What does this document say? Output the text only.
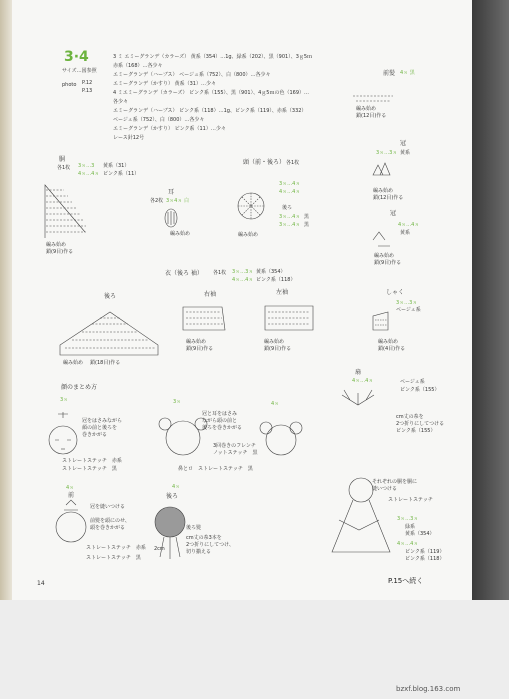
3·4
サイズ…図参照
photo P.12
P.13
3 ミ エミーグランデ（カラーズ） 黄系（354）…1g、緑系（202）、黒（901）、3ｇ5ｍ
赤系（168）…各少々
エミーグランデ（ハーブス） ベージュ系（752）、白（800）…各少々
エミーグランデ（かすり） 黄系（31）…少々
4 ミエミーグランデ（カラーズ） ピンク系（155）、黒（901）、4ｇ5ｍの色（169）…
各少々
エミーグランデ（ハーブス） ピンク系（118）…1g、ピンク系（119）、赤系（332）
ベージュ系（752）、白（800）…各少々
エミーグランデ（かすり） ピンク系（11）…少々
レース針12号
胴
各1枚 3ｓ…3 黄系（31）
4ｓ…4ｓ ピンク系（11）
編み始め
鎖(9目)作る
耳
各2枚 3ｓ4ｓ 白
編み始め
頭（前・後ろ） 各1枚
3ｓ…4ｓ
4ｓ…4ｓ
後ろ
3ｓ…4ｓ 黒
3ｓ…4ｓ 黒
編み始め
前髪 4ｓ 黒
編み始め
鎖(12目)作る
冠
3ｓ…3ｓ 黄系
編み始め
鎖(12目)作る
冠
4ｓ…4ｓ
黄系
編み始め
鎖(9目)作る
衣（後ろ 袖） 各1枚 3ｓ…3ｓ 黄系（354）
4ｓ…4ｓ ピンク系（118）
後ろ
編み始め 鎖(18目)作る
右袖
編み始め
鎖(9目)作る
左袖
編み始め
鎖(9目)作る
しゃく
3ｓ…3ｓ
ベージュ系
編み始め
鎖(4目)作る
扇
4ｓ…4ｓ	ベージュ系
ピンク系（155）
cm丈の糸を
2つ折りにしてつける
ピンク系（155）
顔のまとめ方
3ｓ
冠をはさみながら
顔の前と後ろを
巻きかがる
ストレートステッチ　赤系
ストレートステッチ　黒
3ｓ	4ｓ
冠と耳をはさみ
ながら頭の前と
後ろを巻きかがる
3回巻きのフレンチ
ノットステッチ　黒
鼻とロ　ストレートステッチ　黒
前
4ｓ
冠を縫いつける
前髪を頭にのせ、
頭を巻きかがる
ストレートステッチ　赤系
ストレートステッチ　黒
後ろ
4ｓ
後ろ髪
cm丈の糸3本を
2つ折りにしてつけ、
切り揃える
2cm
それぞれの胴を胴に
縫いつける
ストレートステッチ
3ｓ…3ｓ
緑系
黄系（354）
4ｓ…4ｓ
ピンク系（119）
ピンク系（118）
14	P.15へ続く
bzxf.blog.163.com
